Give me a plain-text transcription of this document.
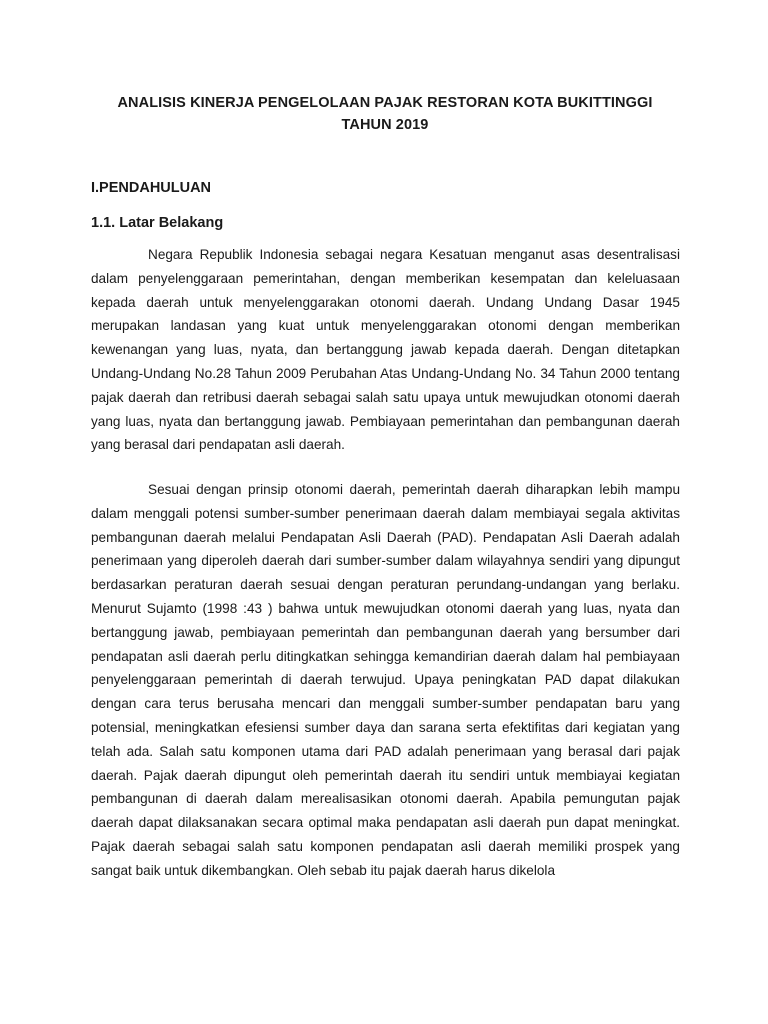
ANALISIS KINERJA PENGELOLAAN PAJAK RESTORAN KOTA BUKITTINGGI
TAHUN 2019
I.PENDAHULUAN
1.1. Latar Belakang

Negara Republik Indonesia sebagai negara Kesatuan menganut asas desentralisasi dalam penyelenggaraan pemerintahan, dengan memberikan kesempatan dan keleluasaan kepada daerah untuk menyelenggarakan otonomi daerah. Undang Undang Dasar 1945 merupakan landasan yang kuat untuk menyelenggarakan otonomi dengan memberikan kewenangan yang luas, nyata, dan bertanggung jawab kepada daerah. Dengan ditetapkan Undang-Undang No.28 Tahun 2009 Perubahan Atas Undang-Undang No. 34 Tahun 2000 tentang pajak daerah dan retribusi daerah sebagai salah satu upaya untuk mewujudkan otonomi daerah yang luas, nyata dan bertanggung jawab. Pembiayaan pemerintahan dan pembangunan daerah yang berasal dari pendapatan asli daerah.

Sesuai dengan prinsip otonomi daerah, pemerintah daerah diharapkan lebih mampu dalam menggali potensi sumber-sumber penerimaan daerah dalam membiayai segala aktivitas pembangunan daerah melalui Pendapatan Asli Daerah (PAD). Pendapatan Asli Daerah adalah penerimaan yang diperoleh daerah dari sumber-sumber dalam wilayahnya sendiri yang dipungut berdasarkan peraturan daerah sesuai dengan peraturan perundang-undangan yang berlaku. Menurut Sujamto (1998 :43 ) bahwa untuk mewujudkan otonomi daerah yang luas, nyata dan bertanggung jawab, pembiayaan pemerintah dan pembangunan daerah yang bersumber dari pendapatan asli daerah perlu ditingkatkan sehingga kemandirian daerah dalam hal pembiayaan penyelenggaraan pemerintah di daerah terwujud. Upaya peningkatan PAD dapat dilakukan dengan cara terus berusaha mencari dan menggali sumber-sumber pendapatan baru yang potensial, meningkatkan efesiensi sumber daya dan sarana serta efektifitas dari kegiatan yang telah ada. Salah satu komponen utama dari PAD adalah penerimaan yang berasal dari pajak daerah. Pajak daerah dipungut oleh pemerintah daerah itu sendiri untuk membiayai kegiatan pembangunan di daerah dalam merealisasikan otonomi daerah. Apabila pemungutan pajak daerah dapat dilaksanakan secara optimal maka pendapatan asli daerah pun dapat meningkat. Pajak daerah sebagai salah satu komponen pendapatan asli daerah memiliki prospek yang sangat baik untuk dikembangkan. Oleh sebab itu pajak daerah harus dikelola
